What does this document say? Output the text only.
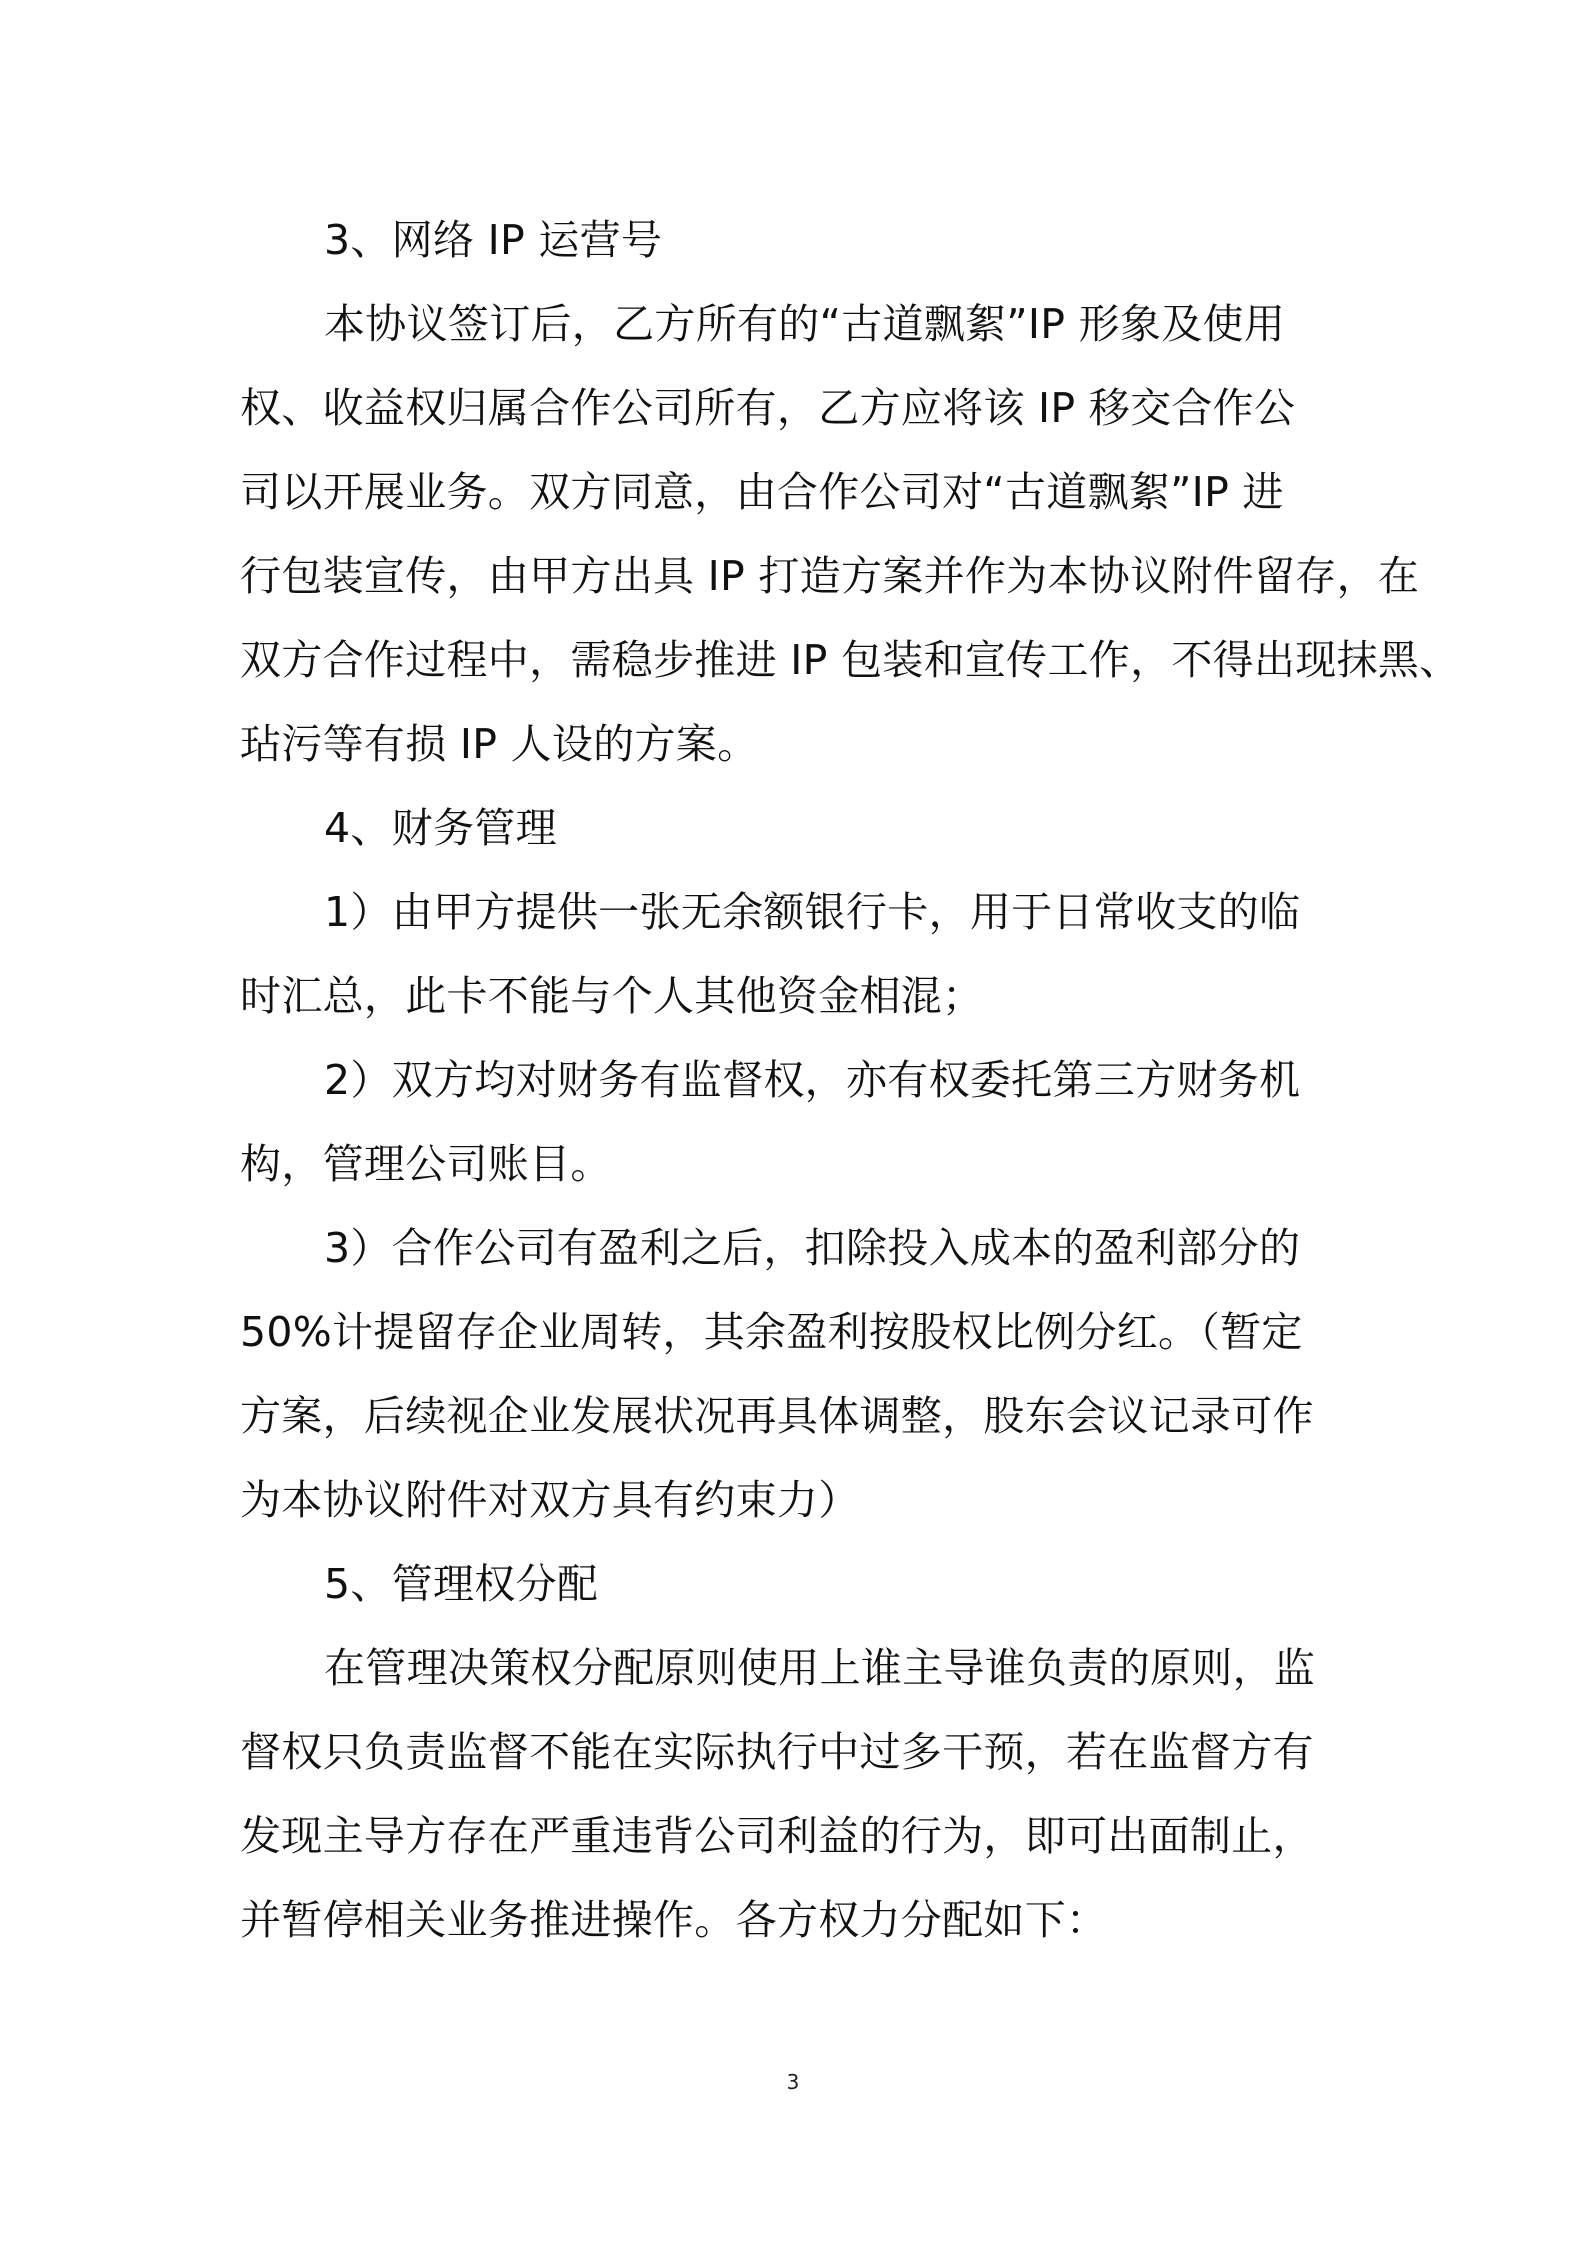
3、网络 IP 运营号
本协议签订后，乙方所有的“古道飘絮”IP 形象及使用
权、收益权归属合作公司所有，乙方应将该 IP 移交合作公
司以开展业务。双方同意，由合作公司对“古道飘絮”IP 进
行包装宣传，由甲方出具 IP 打造方案并作为本协议附件留存，在
双方合作过程中，需稳步推进 IP 包装和宣传工作，不得出现抹黑、
玷污等有损 IP 人设的方案。
4、财务管理
1）由甲方提供一张无余额银行卡，用于日常收支的临
时汇总，此卡不能与个人其他资金相混；
2）双方均对财务有监督权，亦有权委托第三方财务机
构，管理公司账目。
3）合作公司有盈利之后，扣除投入成本的盈利部分的
50%计提留存企业周转，其余盈利按股权比例分红。（暂定
方案，后续视企业发展状况再具体调整，股东会议记录可作
为本协议附件对双方具有约束力）
5、管理权分配
在管理决策权分配原则使用上谁主导谁负责的原则，监
督权只负责监督不能在实际执行中过多干预，若在监督方有
发现主导方存在严重违背公司利益的行为，即可出面制止，
并暂停相关业务推进操作。各方权力分配如下：
3
